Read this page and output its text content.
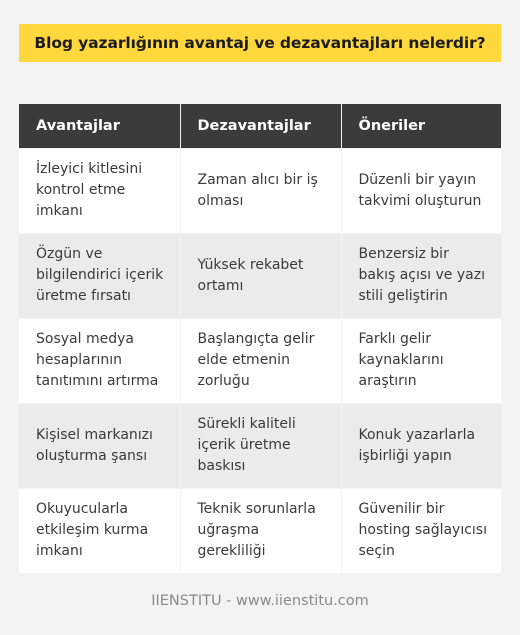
Blog yazarlığının avantaj ve dezavantajları nelerdir?
Avantajlar	Dezavantajlar	Öneriler
İzleyici kitlesini kontrol etme imkanı	Zaman alıcı bir iş olması	Düzenli bir yayın takvimi oluşturun
Özgün ve bilgilendirici içerik üretme fırsatı	Yüksek rekabet ortamı	Benzersiz bir bakış açısı ve yazı stili geliştirin
Sosyal medya hesaplarının tanıtımını artırma	Başlangıçta gelir elde etmenin zorluğu	Farklı gelir kaynaklarını araştırın
Kişisel markanızı oluşturma şansı	Sürekli kaliteli içerik üretme baskısı	Konuk yazarlarla işbirliği yapın
Okuyucularla etkileşim kurma imkanı	Teknik sorunlarla uğraşma gerekliliği	Güvenilir bir hosting sağlayıcısı seçin
IIENSTITU - www.iienstitu.com
